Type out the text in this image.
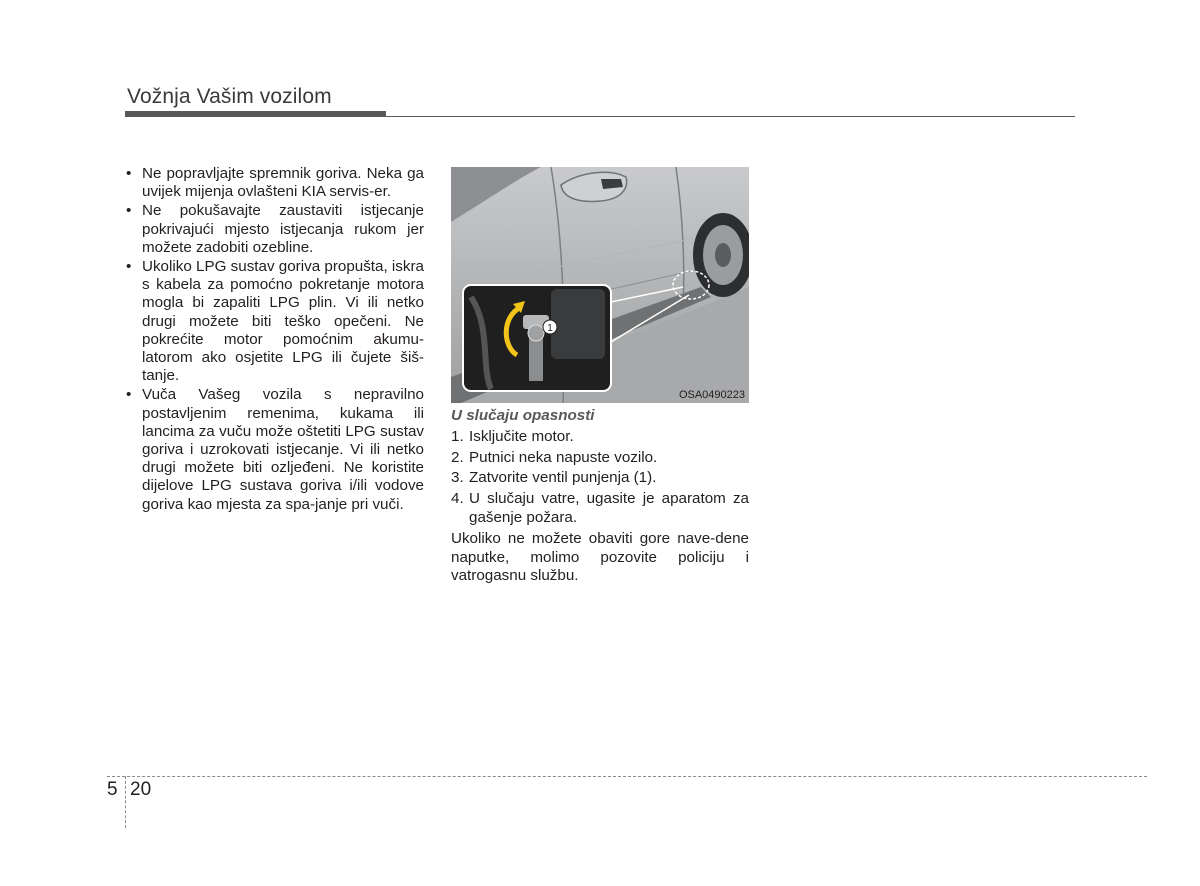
Vožnja Vašim vozilom
• Ne popravljajte spremnik goriva. Neka ga uvijek mijenja ovlašteni KIA servis-er.
• Ne pokušavajte zaustaviti istjecanje pokrivajući mjesto istjecanja rukom jer možete zadobiti ozebline.
• Ukoliko LPG sustav goriva propušta, iskra s kabela za pomoćno pokretanje motora mogla bi zapaliti LPG plin. Vi ili netko drugi možete biti teško opečeni. Ne pokrećite motor pomoćnim akumu-latorom ako osjetite LPG ili čujete šiš-tanje.
• Vuča Vašeg vozila s nepravilno postavljenim remenima, kukama ili lancima za vuču može oštetiti LPG sustav goriva i uzrokovati istjecanje. Vi ili netko drugi možete biti ozljeđeni. Ne koristite dijelove LPG sustava goriva i/ili vodove goriva kao mjesta za spa-janje pri vuči.
1
OSA0490223

U slučaju opasnosti

1. Isključite motor.
2. Putnici neka napuste vozilo.
3. Zatvorite ventil punjenja (1).
4. U slučaju vatre, ugasite je aparatom za gašenje požara.

Ukoliko ne možete obaviti gore nave-dene naputke, molimo pozovite policiju i vatrogasnu službu.

5 20
